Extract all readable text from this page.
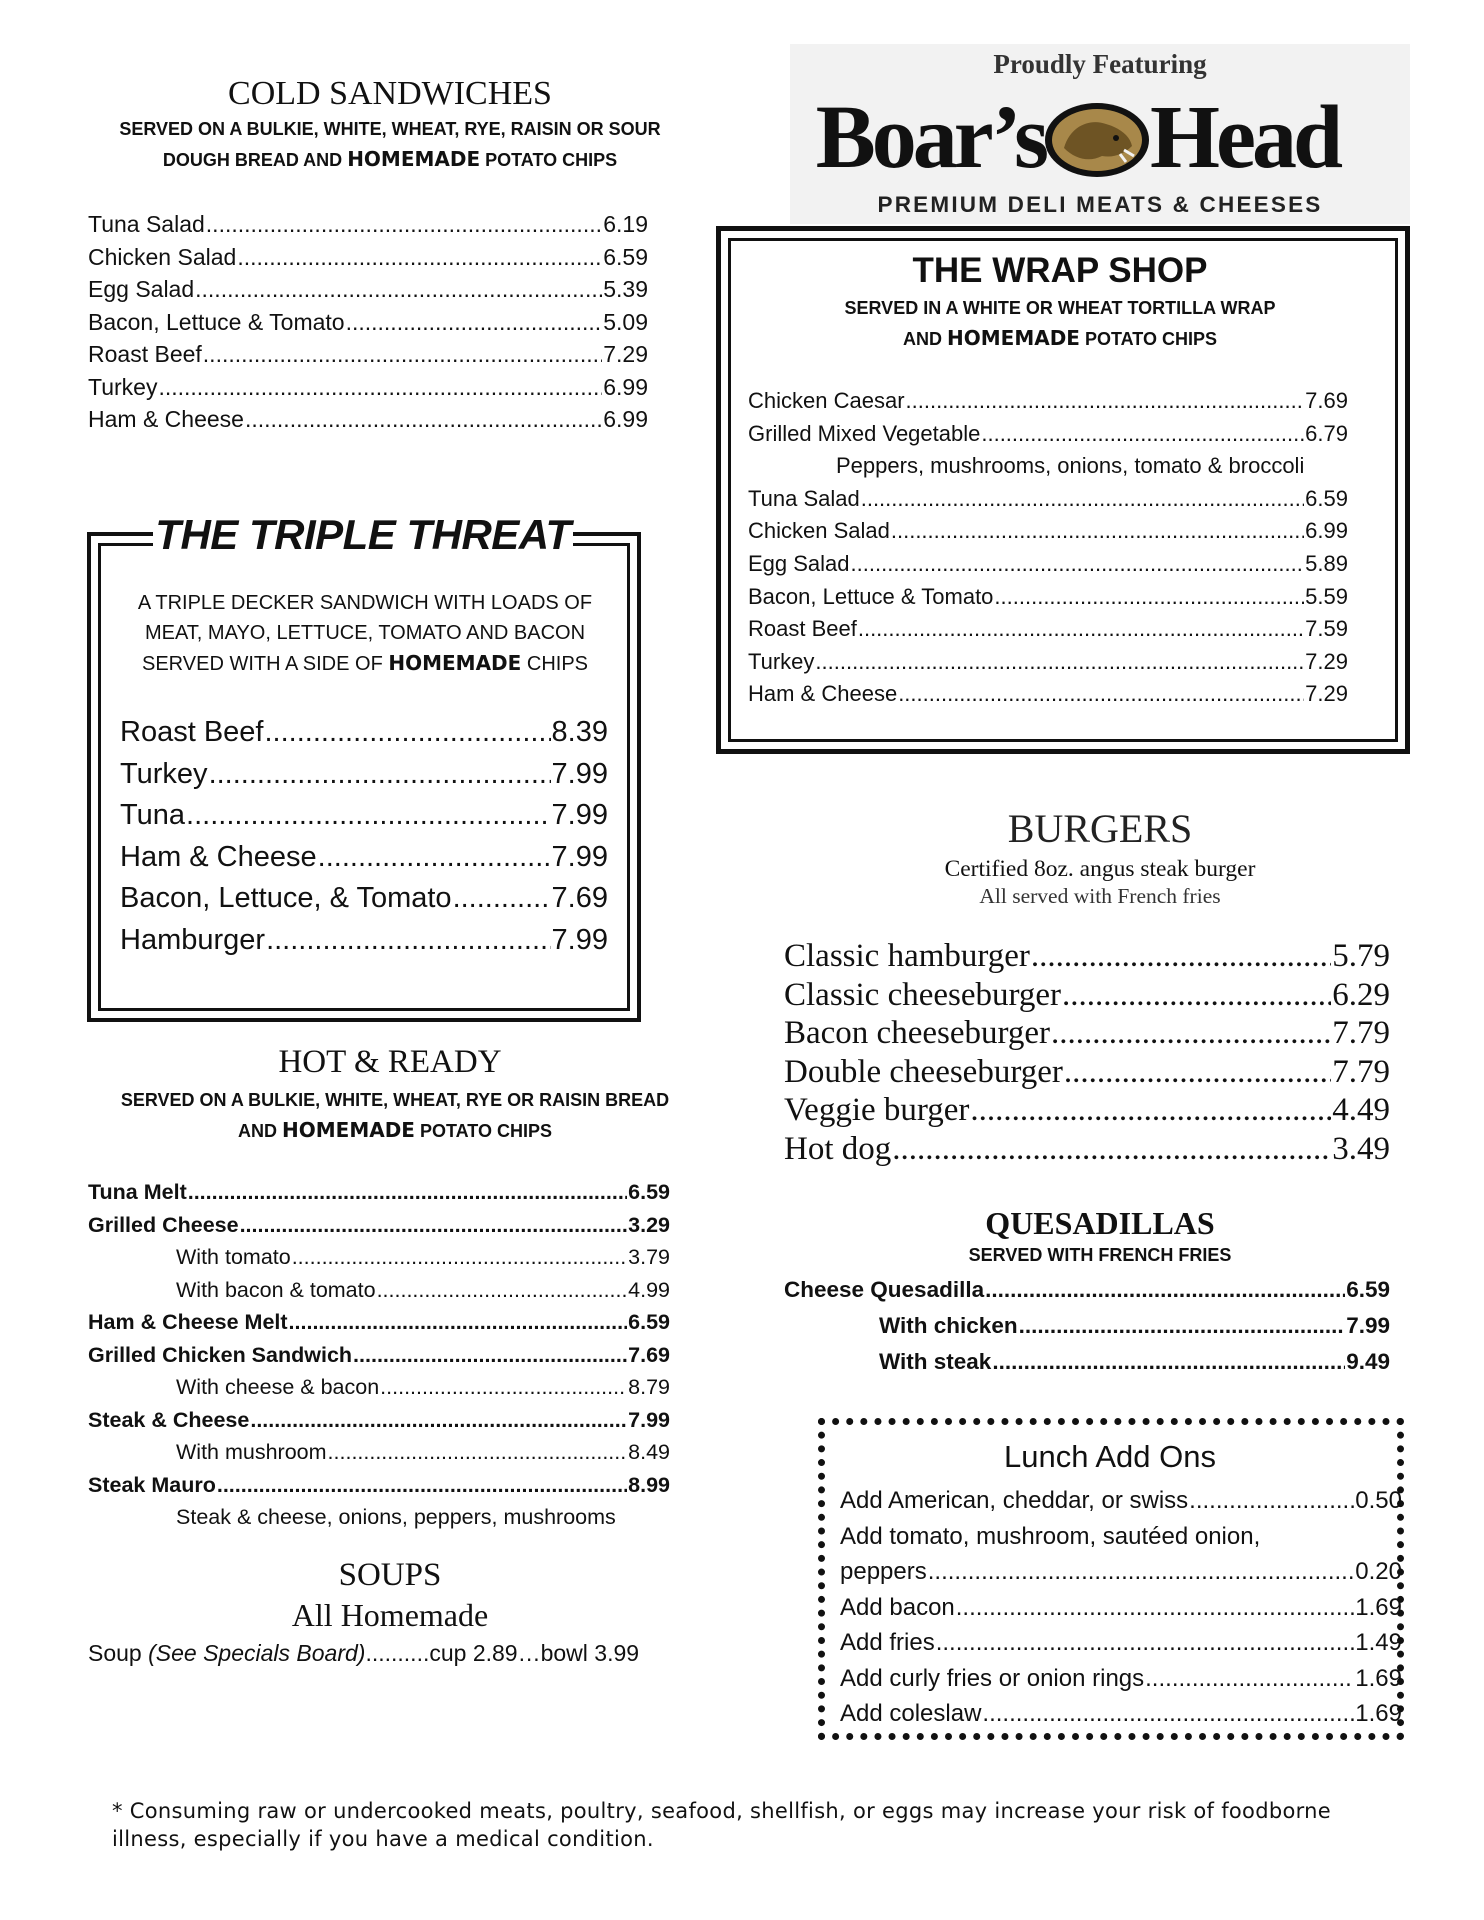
COLD SANDWICHES
SERVED ON A BULKIE, WHITE, WHEAT, RYE, RAISIN OR SOUR
DOUGH BREAD AND HOMEMADE POTATO CHIPS
Tuna Salad .....	6.19
Chicken Salad .....	6.59
Egg Salad .....	5.39
Bacon, Lettuce & Tomato .....	5.09
Roast Beef .....	7.29
Turkey .....	6.99
Ham & Cheese .....	6.99
THE TRIPLE THREAT
A TRIPLE DECKER SANDWICH WITH LOADS OF
MEAT, MAYO, LETTUCE, TOMATO AND BACON
SERVED WITH A SIDE OF HOMEMADE CHIPS
Roast Beef .....	8.39
Turkey .....	7.99
Tuna .....	7.99
Ham & Cheese .....	7.99
Bacon, Lettuce, & Tomato .....	7.69
Hamburger .....	7.99
HOT & READY
SERVED ON A BULKIE, WHITE, WHEAT, RYE OR RAISIN BREAD
AND HOMEMADE POTATO CHIPS
Tuna Melt .....	6.59
Grilled Cheese .....	3.29
With tomato .....	3.79
With bacon & tomato .....	4.99
Ham & Cheese Melt .....	6.59
Grilled Chicken Sandwich .....	7.69
With cheese & bacon .....	8.79
Steak & Cheese .....	7.99
With mushroom .....	8.49
Steak Mauro .....	8.99
Steak & cheese, onions, peppers, mushrooms
SOUPS
All Homemade
Soup (See Specials Board)..........cup 2.89…bowl 3.99
Proudly Featuring
Boar’s Head
PREMIUM DELI MEATS & CHEESES
THE WRAP SHOP
SERVED IN A WHITE OR WHEAT TORTILLA WRAP
AND HOMEMADE POTATO CHIPS
Chicken Caesar .....	7.69
Grilled Mixed Vegetable .....	6.79
Peppers, mushrooms, onions, tomato & broccoli
Tuna Salad .....	6.59
Chicken Salad .....	6.99
Egg Salad .....	5.89
Bacon, Lettuce & Tomato .....	5.59
Roast Beef .....	7.59
Turkey .....	7.29
Ham & Cheese .....	7.29
BURGERS
Certified 8oz. angus steak burger
All served with French fries
Classic hamburger .....	5.79
Classic cheeseburger .....	6.29
Bacon cheeseburger .....	7.79
Double cheeseburger .....	7.79
Veggie burger .....	4.49
Hot dog .....	3.49
QUESADILLAS
SERVED WITH FRENCH FRIES
Cheese Quesadilla .....	6.59
With chicken .....	7.99
With steak .....	9.49
Lunch Add Ons
Add American, cheddar, or swiss .....	0.50
Add tomato, mushroom, sautéed onion,
peppers .....	0.20
Add bacon .....	1.69
Add fries .....	1.49
Add curly fries or onion rings .....	1.69
Add coleslaw .....	1.69
* Consuming raw or undercooked meats, poultry, seafood, shellfish, or eggs may increase your risk of foodborne
illness, especially if you have a medical condition.
